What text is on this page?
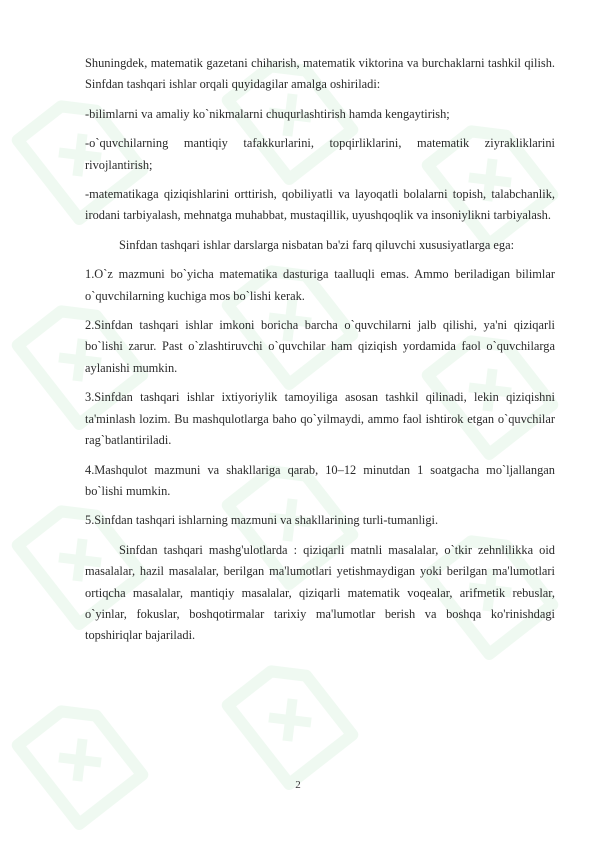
Shuningdek, matematik gazetani chiharish, matematik viktorina va burchaklarni tashkil qilish. Sinfdan tashqari ishlar orqali quyidagilar amalga oshiriladi:

-bilimlarni va amaliy ko`nikmalarni chuqurlashtirish hamda kengaytirish;

-o`quvchilarning mantiqiy tafakkurlarini, topqirliklarini, matematik ziyrakliklarini rivojlantirish;

-matematikaga qiziqishlarini orttirish, qobiliyatli va layoqatli bolalarni topish, talabchanlik, irodani tarbiyalash, mehnatga muhabbat, mustaqillik, uyushqoqlik va insoniylikni tarbiyalash.

Sinfdan tashqari ishlar darslarga nisbatan ba'zi farq qiluvchi xususiyatlarga ega:

1.O`z mazmuni bo`yicha matematika dasturiga taalluqli emas. Ammo beriladigan bilimlar o`quvchilarning kuchiga mos bo`lishi kerak.

2.Sinfdan tashqari ishlar imkoni boricha barcha o`quvchilarni jalb qilishi, ya'ni qiziqarli bo`lishi zarur. Past o`zlashtiruvchi o`quvchilar ham qiziqish yordamida faol o`quvchilarga aylanishi mumkin.

3.Sinfdan tashqari ishlar ixtiyoriylik tamoyiliga asosan tashkil qilinadi, lekin qiziqishni ta'minlash lozim. Bu mashqulotlarga baho qo`yilmaydi, ammo faol ishtirok etgan o`quvchilar rag`batlantiriladi.

4.Mashqulot mazmuni va shakllariga qarab, 10–12 minutdan 1 soatgacha mo`ljallangan bo`lishi mumkin.

5.Sinfdan tashqari ishlarning mazmuni va shakllarining turli-tumanligi.

Sinfdan tashqari mashg'ulotlarda : qiziqarli matnli masalalar, o`tkir zehnlilikka oid masalalar, hazil masalalar, berilgan ma'lumotlari yetishmaydigan yoki berilgan ma'lumotlari ortiqcha masalalar, mantiqiy masalalar, qiziqarli matematik voqealar, arifmetik rebuslar, o`yinlar, fokuslar, boshqotirmalar tarixiy ma'lumotlar berish va boshqa ko'rinishdagi topshiriqlar bajariladi.

2
